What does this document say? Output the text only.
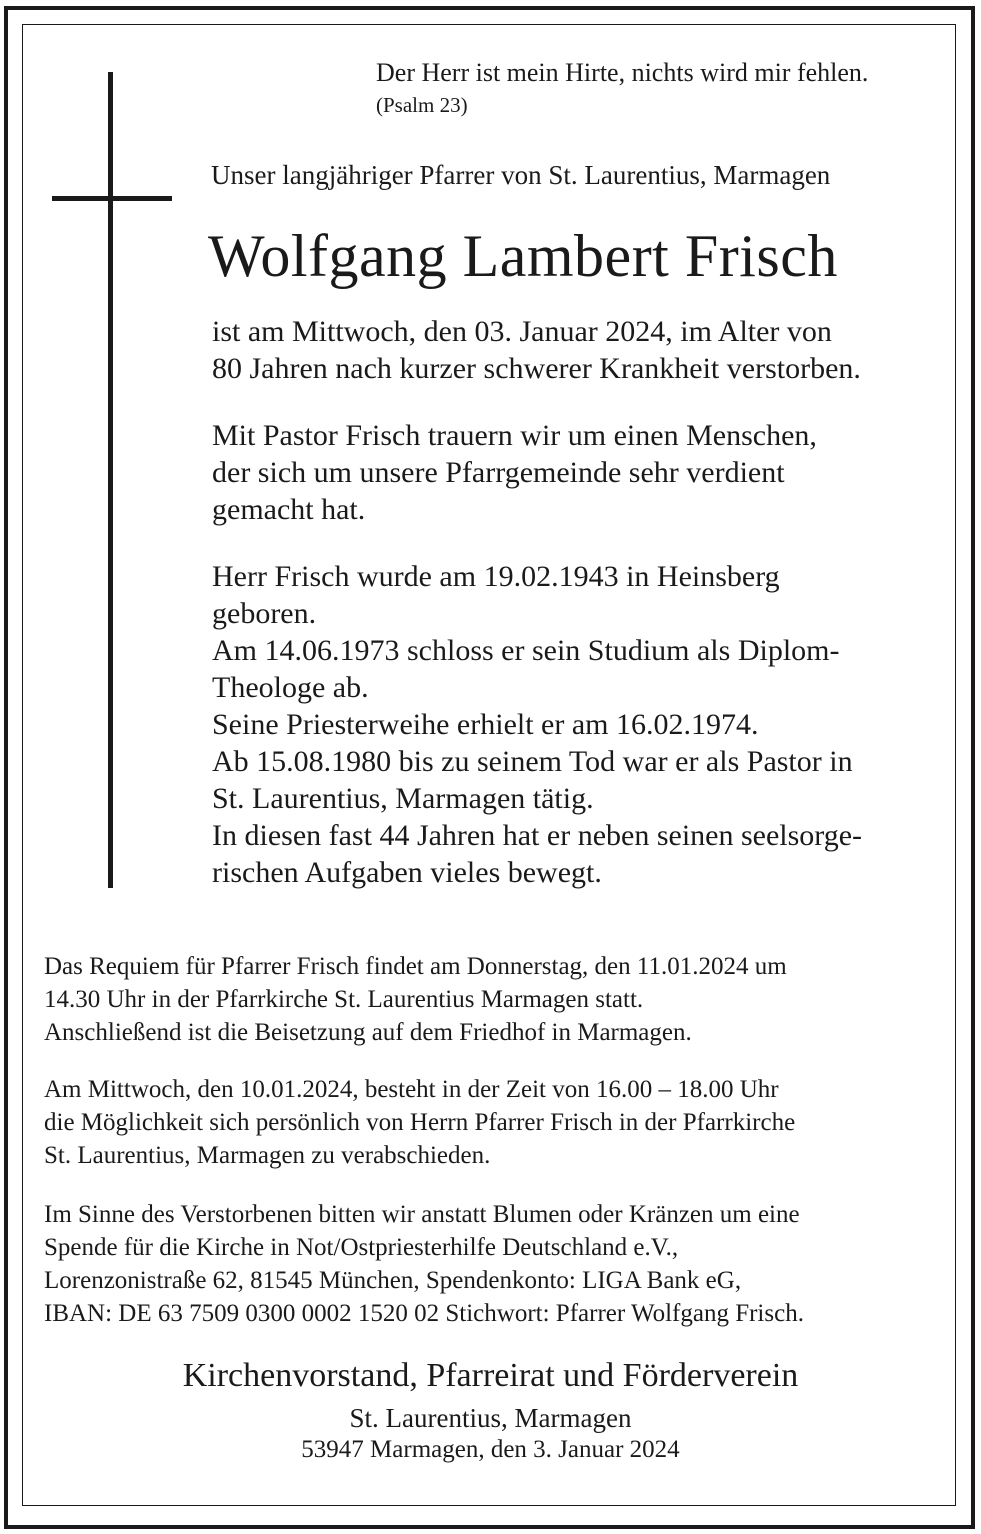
Der Herr ist mein Hirte, nichts wird mir fehlen.

(Psalm 23)

Unser langjähriger Pfarrer von St. Laurentius, Marmagen

Wolfgang Lambert Frisch
ist am Mittwoch, den 03. Januar 2024, im Alter von
80 Jahren nach kurzer schwerer Krankheit verstorben.
Mit Pastor Frisch trauern wir um einen Menschen,
der sich um unsere Pfarrgemeinde sehr verdient
gemacht hat.
Herr Frisch wurde am 19.02.1943 in Heinsberg
geboren.
Am 14.06.1973 schloss er sein Studium als Diplom-
Theologe ab.
Seine Priesterweihe erhielt er am 16.02.1974.
Ab 15.08.1980 bis zu seinem Tod war er als Pastor in
St. Laurentius, Marmagen tätig.
In diesen fast 44 Jahren hat er neben seinen seelsorge-
rischen Aufgaben vieles bewegt.
Das Requiem für Pfarrer Frisch findet am Donnerstag, den 11.01.2024 um
14.30 Uhr in der Pfarrkirche St. Laurentius Marmagen statt.
Anschließend ist die Beisetzung auf dem Friedhof in Marmagen.
Am Mittwoch, den 10.01.2024, besteht in der Zeit von 16.00 – 18.00 Uhr
die Möglichkeit sich persönlich von Herrn Pfarrer Frisch in der Pfarrkirche
St. Laurentius, Marmagen zu verabschieden.
Im Sinne des Verstorbenen bitten wir anstatt Blumen oder Kränzen um eine
Spende für die Kirche in Not/Ostpriesterhilfe Deutschland e.V.,
Lorenzonistraße 62, 81545 München, Spendenkonto: LIGA Bank eG,
IBAN: DE 63 7509 0300 0002 1520 02 Stichwort: Pfarrer Wolfgang Frisch.

Kirchenvorstand, Pfarreirat und Förderverein

St. Laurentius, Marmagen

53947 Marmagen, den 3. Januar 2024
